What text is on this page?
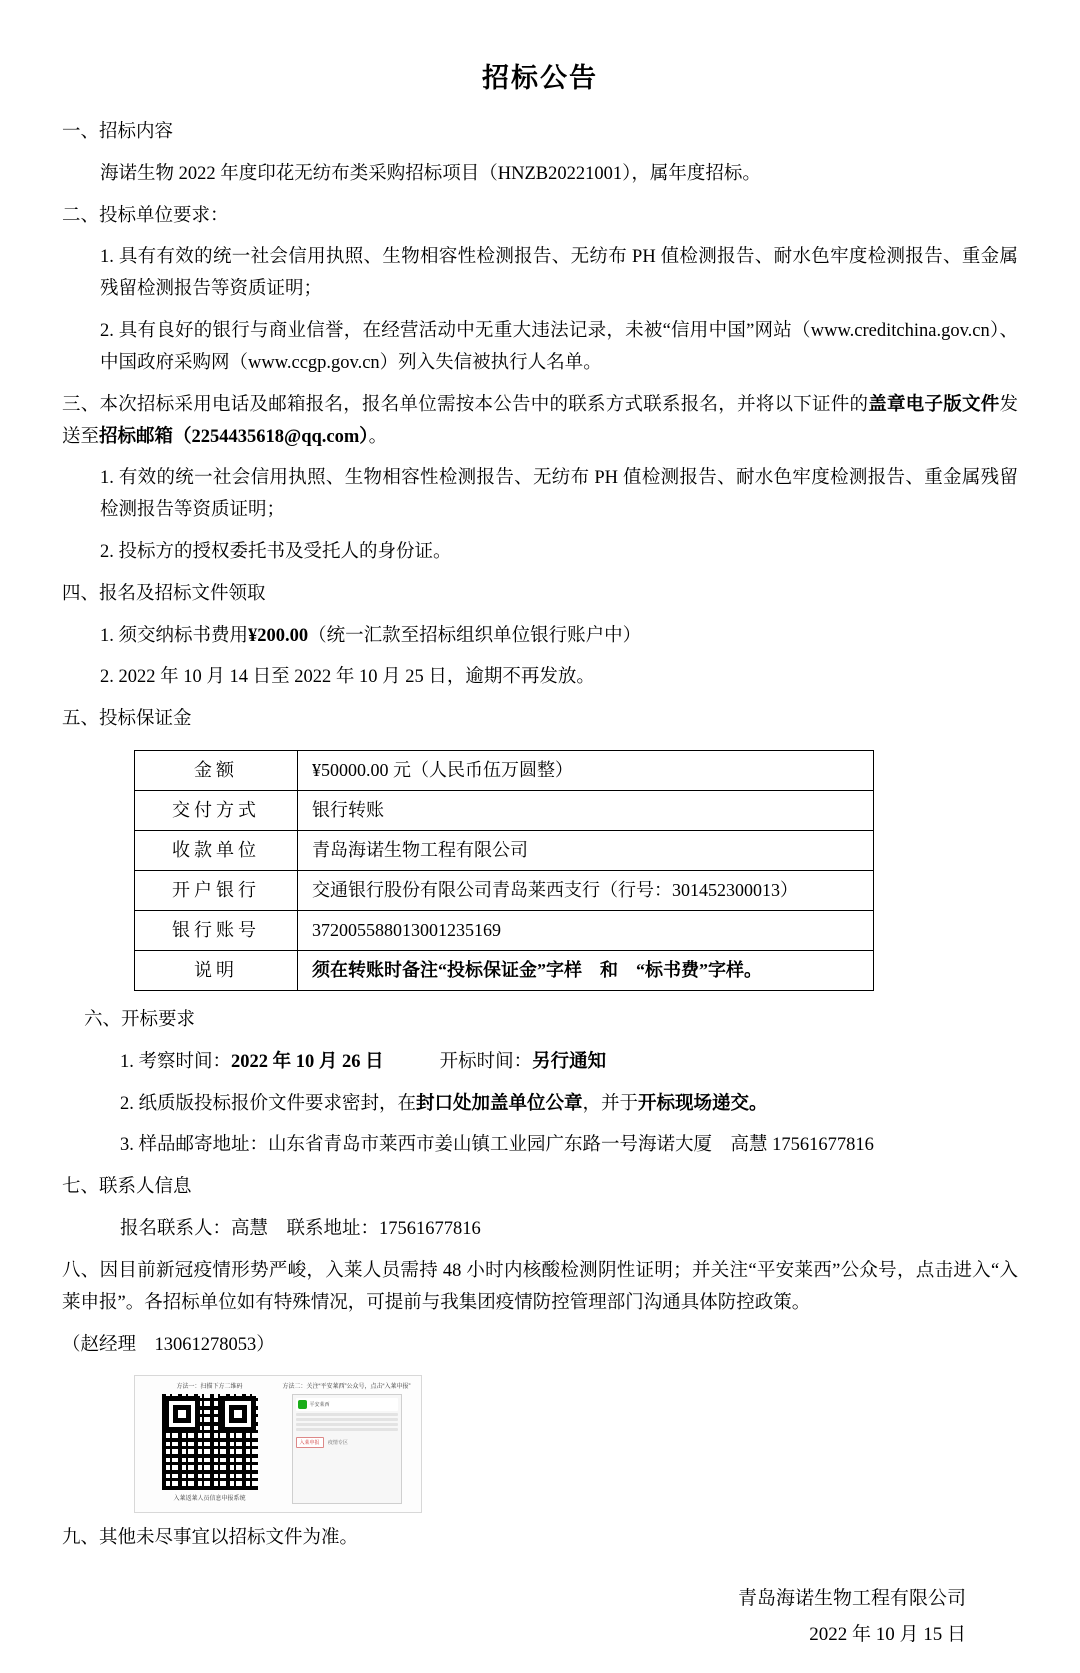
招标公告

一、招标内容

海诺生物 2022 年度印花无纺布类采购招标项目（HNZB20221001），属年度招标。

二、投标单位要求：

1. 具有有效的统一社会信用执照、生物相容性检测报告、无纺布 PH 值检测报告、耐水色牢度检测报告、重金属残留检测报告等资质证明；

2. 具有良好的银行与商业信誉，在经营活动中无重大违法记录，未被“信用中国”网站（www.creditchina.gov.cn）、中国政府采购网（www.ccgp.gov.cn）列入失信被执行人名单。

三、本次招标采用电话及邮箱报名，报名单位需按本公告中的联系方式联系报名，并将以下证件的盖章电子版文件发送至招标邮箱（2254435618@qq.com）。

1. 有效的统一社会信用执照、生物相容性检测报告、无纺布 PH 值检测报告、耐水色牢度检测报告、重金属残留检测报告等资质证明；

2. 投标方的授权委托书及受托人的身份证。

四、报名及招标文件领取

1. 须交纳标书费用¥200.00（统一汇款至招标组织单位银行账户中）

2. 2022 年 10 月 14 日至 2022 年 10 月 25 日，逾期不再发放。

五、投标保证金

金额	¥50000.00 元（人民币伍万圆整）
交付方式	银行转账
收款单位	青岛海诺生物工程有限公司
开户银行	交通银行股份有限公司青岛莱西支行（行号：301452300013）
银行账号	372005588013001235169
说明	须在转账时备注“投标保证金”字样　和　“标书费”字样。

六、开标要求

1. 考察时间：2022 年 10 月 26 日	开标时间：另行通知

2. 纸质版投标报价文件要求密封，在封口处加盖单位公章，并于开标现场递交。

3. 样品邮寄地址：山东省青岛市莱西市姜山镇工业园广东路一号海诺大厦　高慧 17561677816

七、联系人信息

报名联系人：高慧　联系地址：17561677816

八、因目前新冠疫情形势严峻，入莱人员需持 48 小时内核酸检测阴性证明；并关注“平安莱西”公众号，点击进入“入莱申报”。各招标单位如有特殊情况，可提前与我集团疫情防控管理部门沟通具体防控政策。

（赵经理　13061278053）

方法一：扫描下方二维码
入莱返莱人员信息申报系统
方法二：关注“平安莱西”公众号，点击“入莱申报”
平安莱西
入莱申报 疫情专区

九、其他未尽事宜以招标文件为准。

青岛海诺生物工程有限公司
2022 年 10 月 15 日
